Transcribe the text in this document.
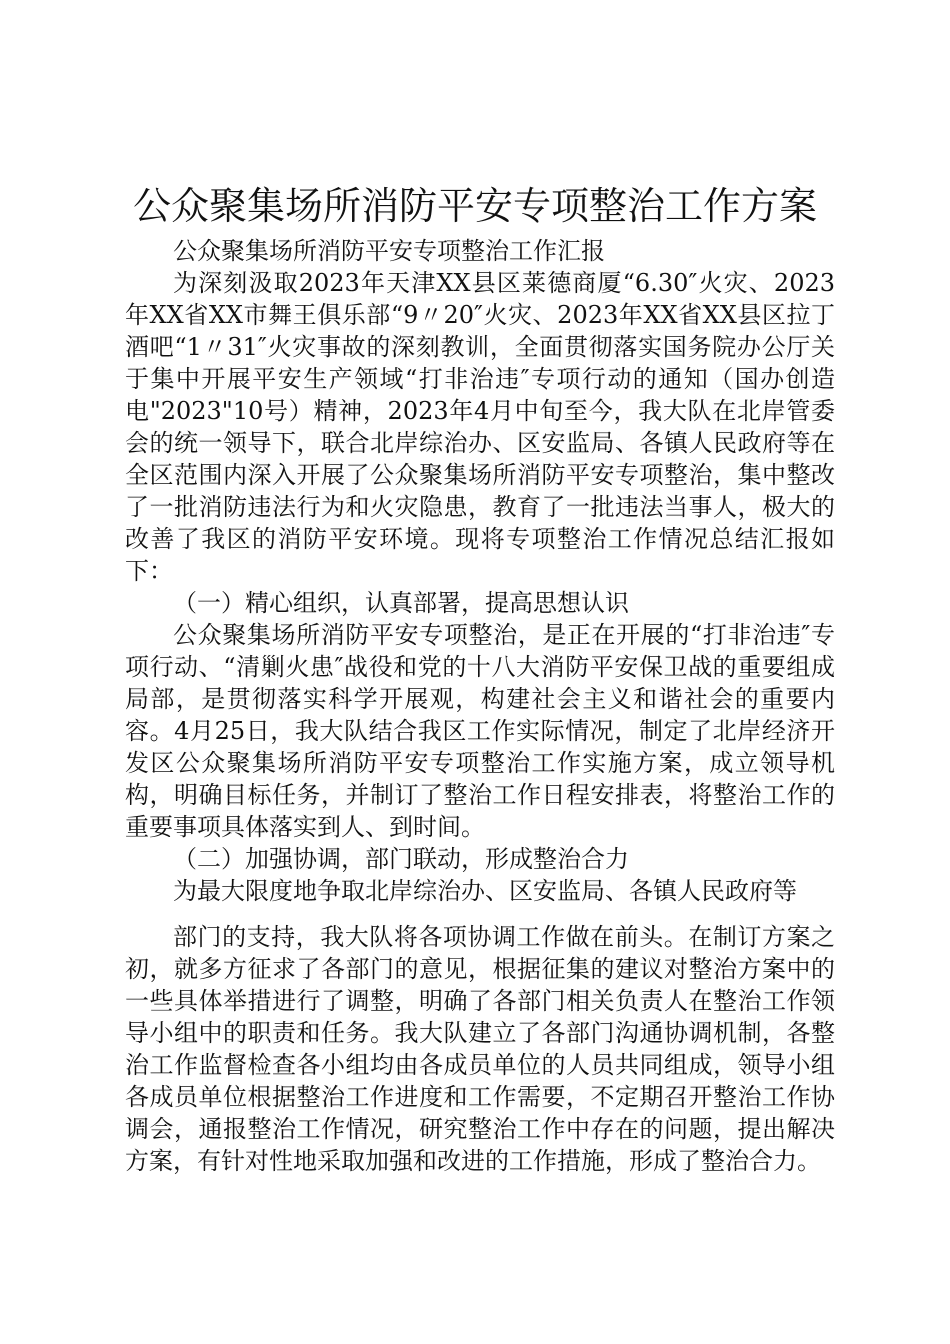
公众聚集场所消防平安专项整治工作方案

公众聚集场所消防平安专项整治工作汇报

为深刻汲取2023年天津XX县区莱德商厦“6.30″火灾、2023年XX省XX市舞王俱乐部“9〃20″火灾、2023年XX省XX县区拉丁酒吧“1〃31″火灾事故的深刻教训，全面贯彻落实国务院办公厅关于集中开展平安生产领域“打非治违″专项行动的通知（国办创造电"2023"10号）精神，2023年4月中旬至今，我大队在北岸管委会的统一领导下，联合北岸综治办、区安监局、各镇人民政府等在全区范围内深入开展了公众聚集场所消防平安专项整治，集中整改了一批消防违法行为和火灾隐患，教育了一批违法当事人，极大的改善了我区的消防平安环境。现将专项整治工作情况总结汇报如下：

（一）精心组织，认真部署，提高思想认识

公众聚集场所消防平安专项整治，是正在开展的“打非治违″专项行动、“清剿火患″战役和党的十八大消防平安保卫战的重要组成局部，是贯彻落实科学开展观，构建社会主义和谐社会的重要内容。4月25日，我大队结合我区工作实际情况，制定了北岸经济开发区公众聚集场所消防平安专项整治工作实施方案，成立领导机构，明确目标任务，并制订了整治工作日程安排表，将整治工作的重要事项具体落实到人、到时间。

（二）加强协调，部门联动，形成整治合力

为最大限度地争取北岸综治办、区安监局、各镇人民政府等

部门的支持，我大队将各项协调工作做在前头。在制订方案之初，就多方征求了各部门的意见，根据征集的建议对整治方案中的一些具体举措进行了调整，明确了各部门相关负责人在整治工作领导小组中的职责和任务。我大队建立了各部门沟通协调机制，各整治工作监督检查各小组均由各成员单位的人员共同组成，领导小组各成员单位根据整治工作进度和工作需要，不定期召开整治工作协调会，通报整治工作情况，研究整治工作中存在的问题，提出解决方案，有针对性地采取加强和改进的工作措施，形成了整治合力。
